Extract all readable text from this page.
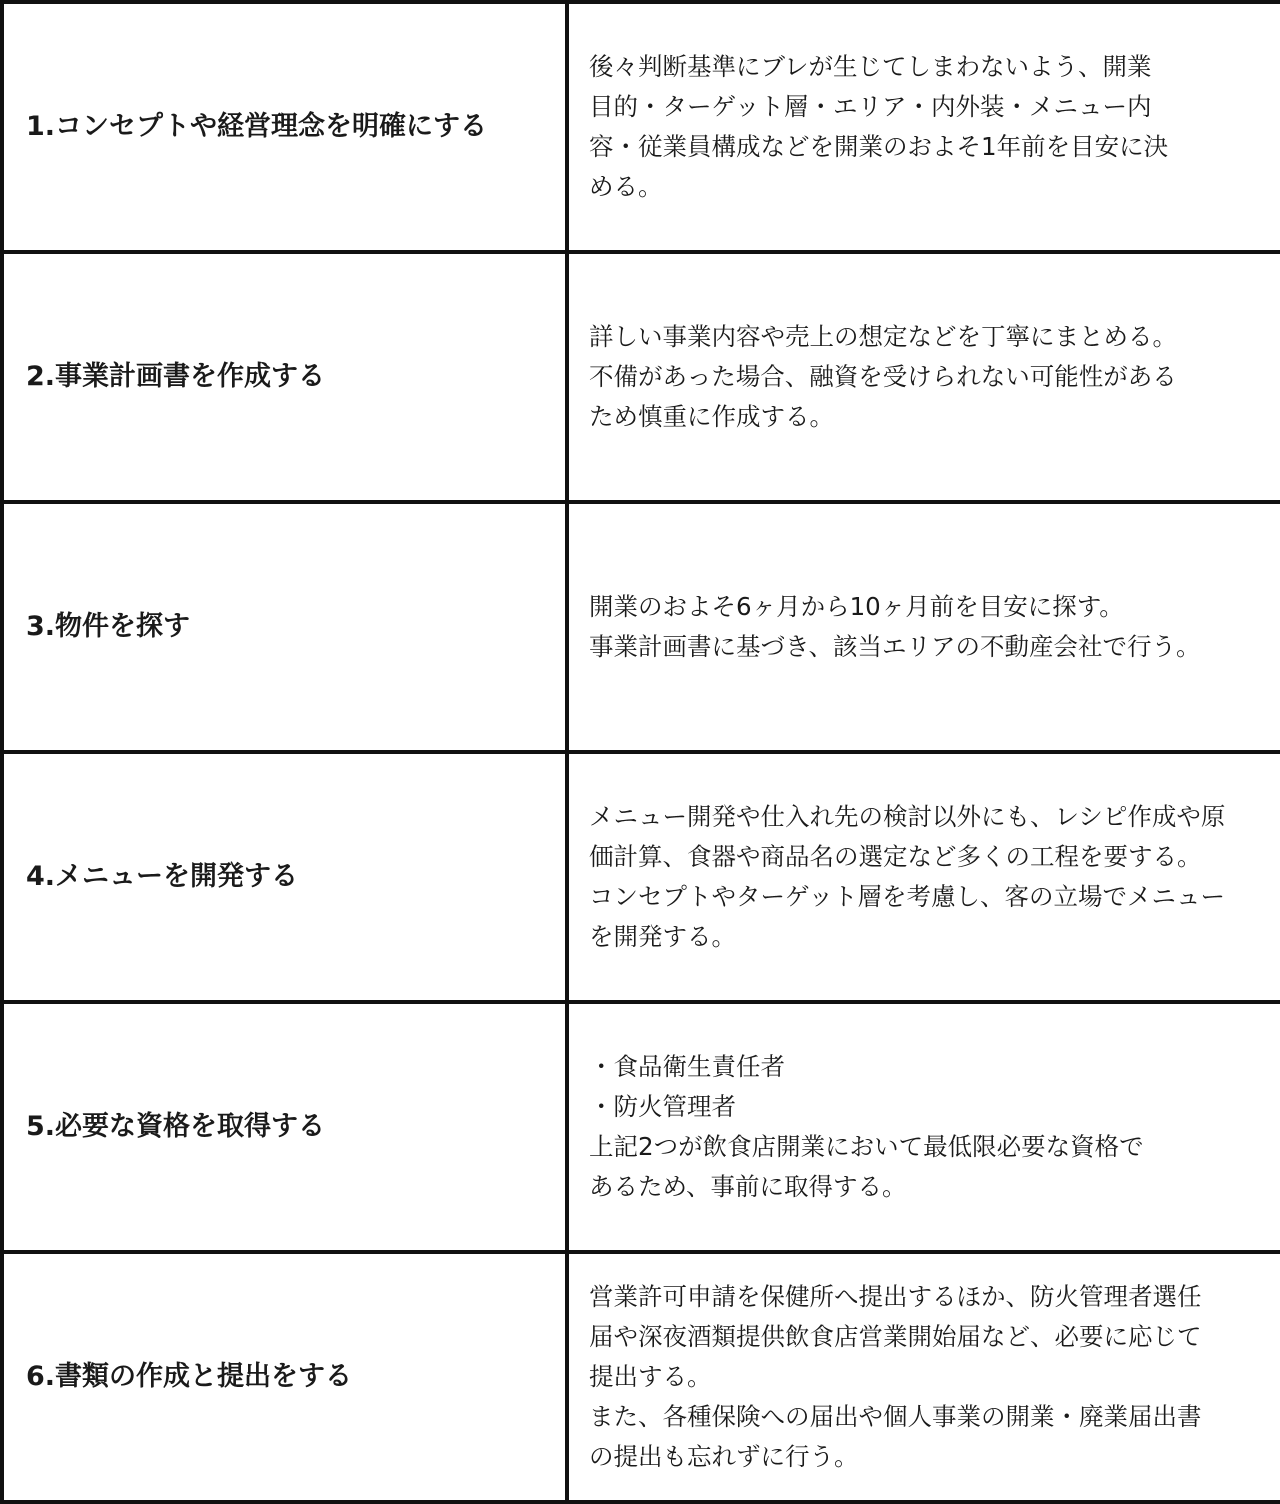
1.コンセプトや経営理念を明確にする	後々判断基準にブレが生じてしまわないよう、開業
目的・ターゲット層・エリア・内外装・メニュー内
容・従業員構成などを開業のおよそ1年前を目安に決
める。

2.事業計画書を作成する	詳しい事業内容や売上の想定などを丁寧にまとめる。
不備があった場合、融資を受けられない可能性がある
ため慎重に作成する。

3.物件を探す	開業のおよそ6ヶ月から10ヶ月前を目安に探す。
事業計画書に基づき、該当エリアの不動産会社で行う。

4.メニューを開発する	メニュー開発や仕入れ先の検討以外にも、レシピ作成や原
価計算、食器や商品名の選定など多くの工程を要する。
コンセプトやターゲット層を考慮し、客の立場でメニュー
を開発する。

5.必要な資格を取得する	・食品衛生責任者
・防火管理者
上記2つが飲食店開業において最低限必要な資格で
あるため、事前に取得する。

6.書類の作成と提出をする	営業許可申請を保健所へ提出するほか、防火管理者選任
届や深夜酒類提供飲食店営業開始届など、必要に応じて
提出する。
また、各種保険への届出や個人事業の開業・廃業届出書
の提出も忘れずに行う。
